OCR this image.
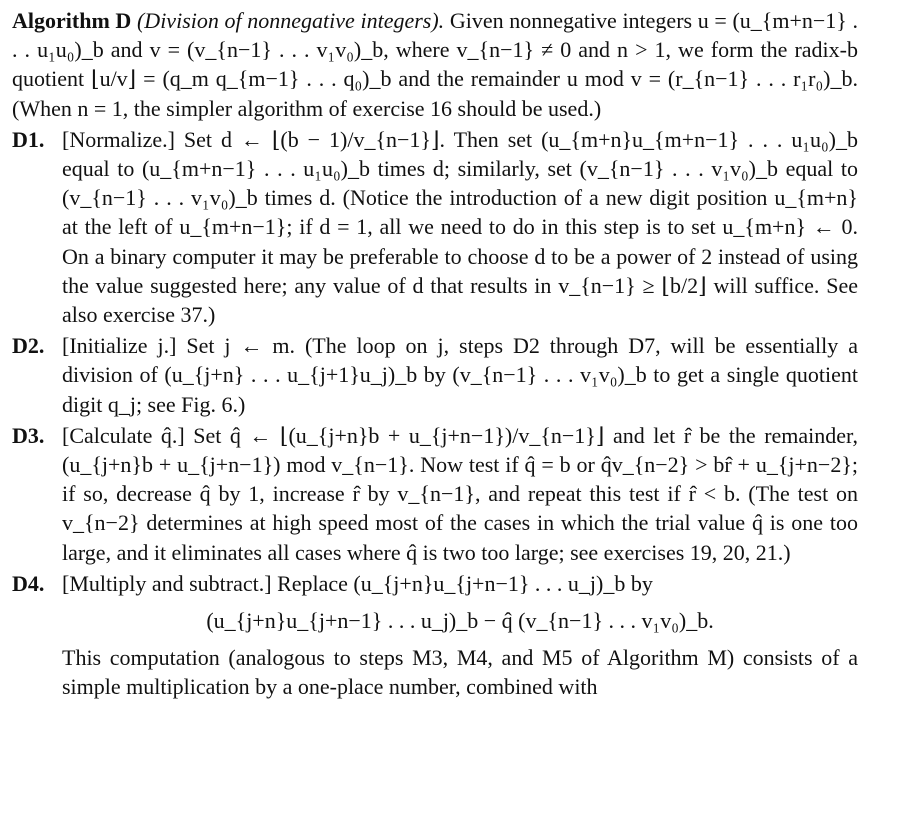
Algorithm D (Division of nonnegative integers). Given nonnegative integers u = (u_{m+n−1} . . . u₁u₀)_b and v = (v_{n−1} . . . v₁v₀)_b, where v_{n−1} ≠ 0 and n > 1, we form the radix-b quotient ⌊u/v⌋ = (q_m q_{m−1} . . . q₀)_b and the remainder u mod v = (r_{n−1} . . . r₁r₀)_b. (When n = 1, the simpler algorithm of exercise 16 should be used.)

D1. [Normalize.] Set d ← ⌊(b − 1)/v_{n−1}⌋. Then set (u_{m+n}u_{m+n−1} . . . u₁u₀)_b equal to (u_{m+n−1} . . . u₁u₀)_b times d; similarly, set (v_{n−1} . . . v₁v₀)_b equal to (v_{n−1} . . . v₁v₀)_b times d. (Notice the introduction of a new digit position u_{m+n} at the left of u_{m+n−1}; if d = 1, all we need to do in this step is to set u_{m+n} ← 0. On a binary computer it may be preferable to choose d to be a power of 2 instead of using the value suggested here; any value of d that results in v_{n−1} ≥ ⌊b/2⌋ will suffice. See also exercise 37.)
D2. [Initialize j.] Set j ← m. (The loop on j, steps D2 through D7, will be essentially a division of (u_{j+n} . . . u_{j+1}u_j)_b by (v_{n−1} . . . v₁v₀)_b to get a single quotient digit q_j; see Fig. 6.)
D3. [Calculate q̂.] Set q̂ ← ⌊(u_{j+n}b + u_{j+n−1})/v_{n−1}⌋ and let r̂ be the remainder, (u_{j+n}b + u_{j+n−1}) mod v_{n−1}. Now test if q̂ = b or q̂v_{n−2} > br̂ + u_{j+n−2}; if so, decrease q̂ by 1, increase r̂ by v_{n−1}, and repeat this test if r̂ < b. (The test on v_{n−2} determines at high speed most of the cases in which the trial value q̂ is one too large, and it eliminates all cases where q̂ is two too large; see exercises 19, 20, 21.)
D4. [Multiply and subtract.] Replace (u_{j+n}u_{j+n−1} . . . u_j)_b by
(u_{j+n}u_{j+n−1} . . . u_j)_b − q̂ (v_{n−1} . . . v₁v₀)_b.

This computation (analogous to steps M3, M4, and M5 of Algorithm M) consists of a simple multiplication by a one-place number, combined with
